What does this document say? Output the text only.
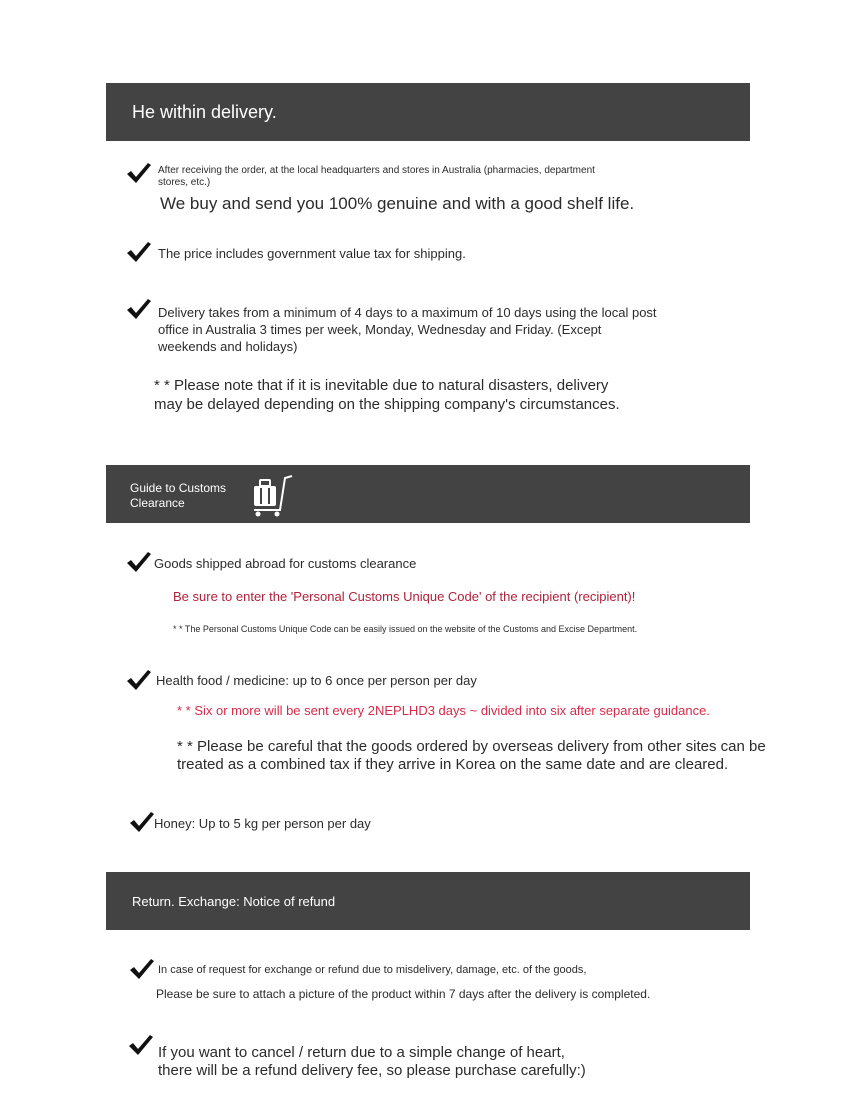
He within delivery.
After receiving the order, at the local headquarters and stores in Australia (pharmacies, department
stores, etc.)
We buy and send you 100% genuine and with a good shelf life.
The price includes government value tax for shipping.
Delivery takes from a minimum of 4 days to a maximum of 10 days using the local post
office in Australia 3 times per week, Monday, Wednesday and Friday. (Except
weekends and holidays)
* * Please note that if it is inevitable due to natural disasters, delivery
may be delayed depending on the shipping company's circumstances.
Guide to Customs
Clearance
Goods shipped abroad for customs clearance
Be sure to enter the 'Personal Customs Unique Code' of the recipient (recipient)!
* * The Personal Customs Unique Code can be easily issued on the website of the Customs and Excise Department.
Health food / medicine: up to 6 once per person per day
* * Six or more will be sent every 2NEPLHD3 days ~ divided into six after separate guidance.
* * Please be careful that the goods ordered by overseas delivery from other sites can be
treated as a combined tax if they arrive in Korea on the same date and are cleared.
Honey: Up to 5 kg per person per day
Return. Exchange: Notice of refund
In case of request for exchange or refund due to misdelivery, damage, etc. of the goods,
Please be sure to attach a picture of the product within 7 days after the delivery is completed.
If you want to cancel / return due to a simple change of heart,
there will be a refund delivery fee, so please purchase carefully:)
